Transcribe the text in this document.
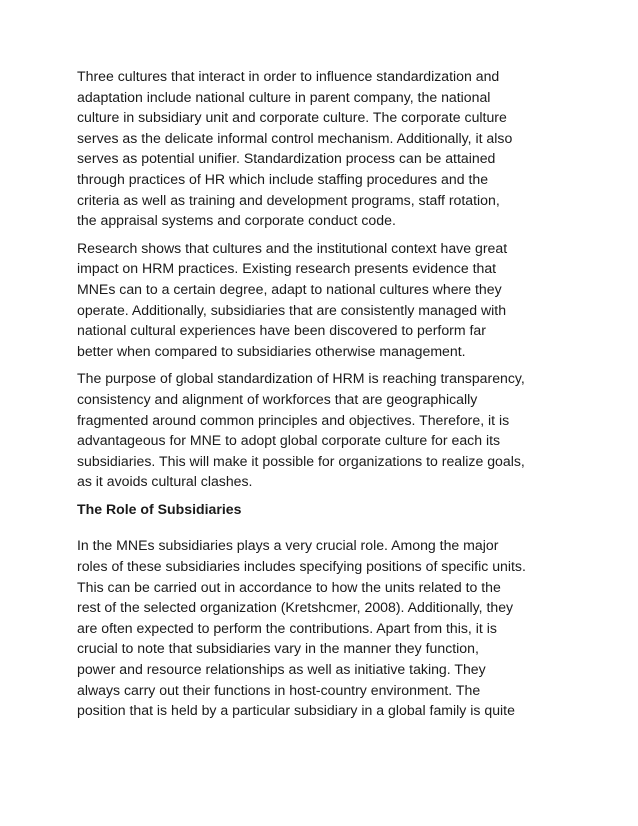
Three cultures that interact in order to influence standardization and
adaptation include national culture in parent company, the national
culture in subsidiary unit and corporate culture. The corporate culture
serves as the delicate informal control mechanism. Additionally, it also
serves as potential unifier. Standardization process can be attained
through practices of HR which include staffing procedures and the
criteria as well as training and development programs, staff rotation,
the appraisal systems and corporate conduct code.

Research shows that cultures and the institutional context have great
impact on HRM practices. Existing research presents evidence that
MNEs can to a certain degree, adapt to national cultures where they
operate. Additionally, subsidiaries that are consistently managed with
national cultural experiences have been discovered to perform far
better when compared to subsidiaries otherwise management.

The purpose of global standardization of HRM is reaching transparency,
consistency and alignment of workforces that are geographically
fragmented around common principles and objectives. Therefore, it is
advantageous for MNE to adopt global corporate culture for each its
subsidiaries. This will make it possible for organizations to realize goals,
as it avoids cultural clashes.

The Role of Subsidiaries

In the MNEs subsidiaries plays a very crucial role. Among the major
roles of these subsidiaries includes specifying positions of specific units.
This can be carried out in accordance to how the units related to the
rest of the selected organization (Kretshcmer, 2008). Additionally, they
are often expected to perform the contributions. Apart from this, it is
crucial to note that subsidiaries vary in the manner they function,
power and resource relationships as well as initiative taking. They
always carry out their functions in host-country environment. The
position that is held by a particular subsidiary in a global family is quite
